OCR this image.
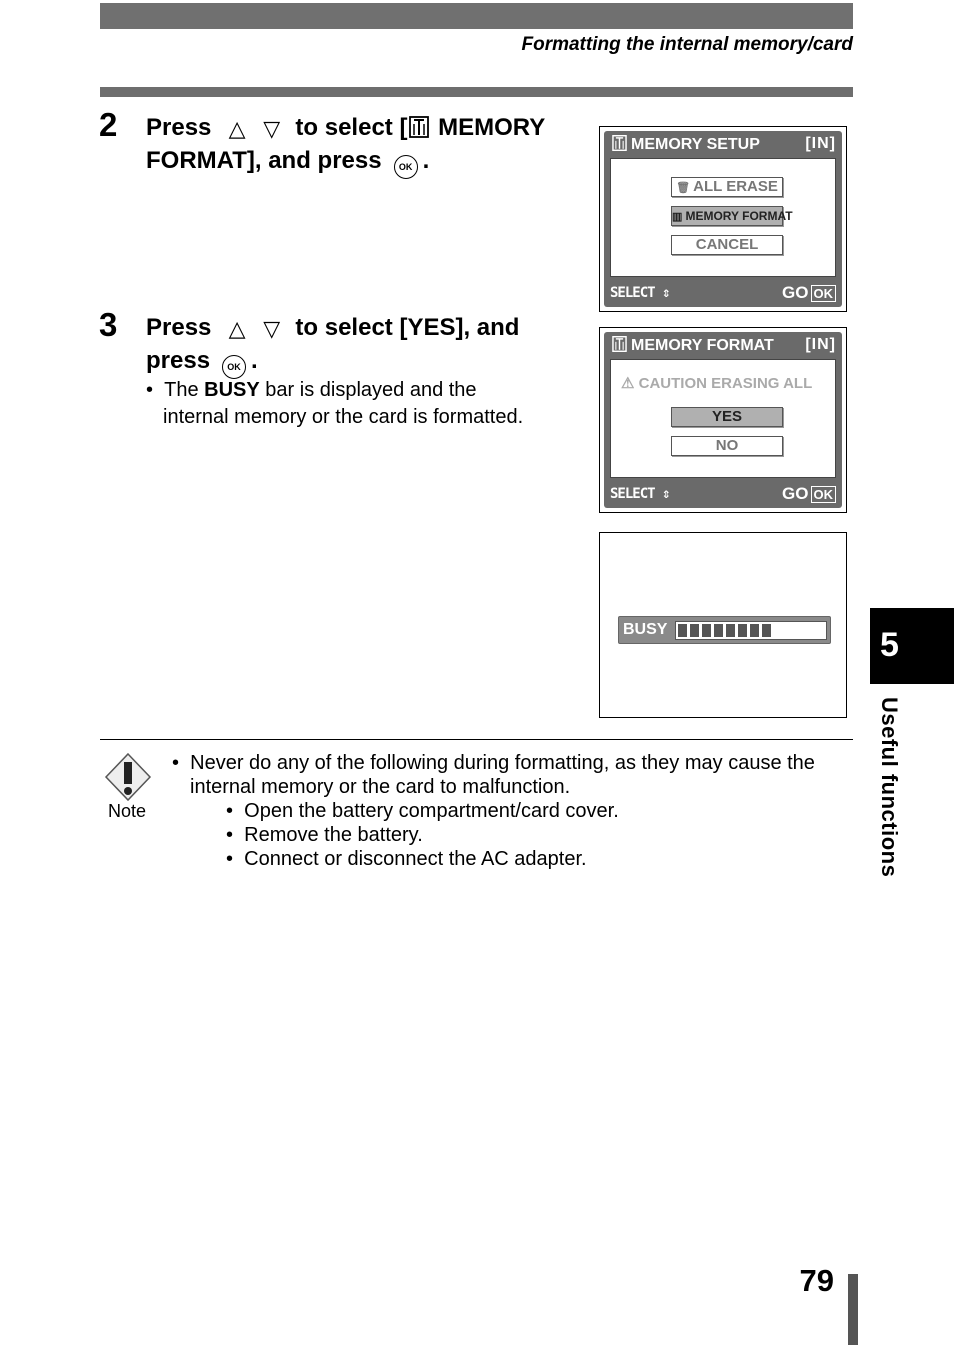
Formatting the internal memory/card
2 Press △ ▽ to select [ MEMORY
FORMAT], and press OK .
MEMORY SETUP	[IN]
🗑 ALL ERASE
▥ MEMORY FORMAT
CANCEL
SELECT ⇕	GO OK
3 Press △ ▽ to select [YES], and
press OK .
• The BUSY bar is displayed and the
internal memory or the card is formatted.
MEMORY FORMAT [IN]
⚠ CAUTION ERASING ALL
YES
NO
SELECT ⇕	GO OK
BUSY
Note
• Never do any of the following during formatting, as they may cause the
internal memory or the card to malfunction.
• Open the battery compartment/card cover.
• Remove the battery.
• Connect or disconnect the AC adapter.
5
Useful functions
79
